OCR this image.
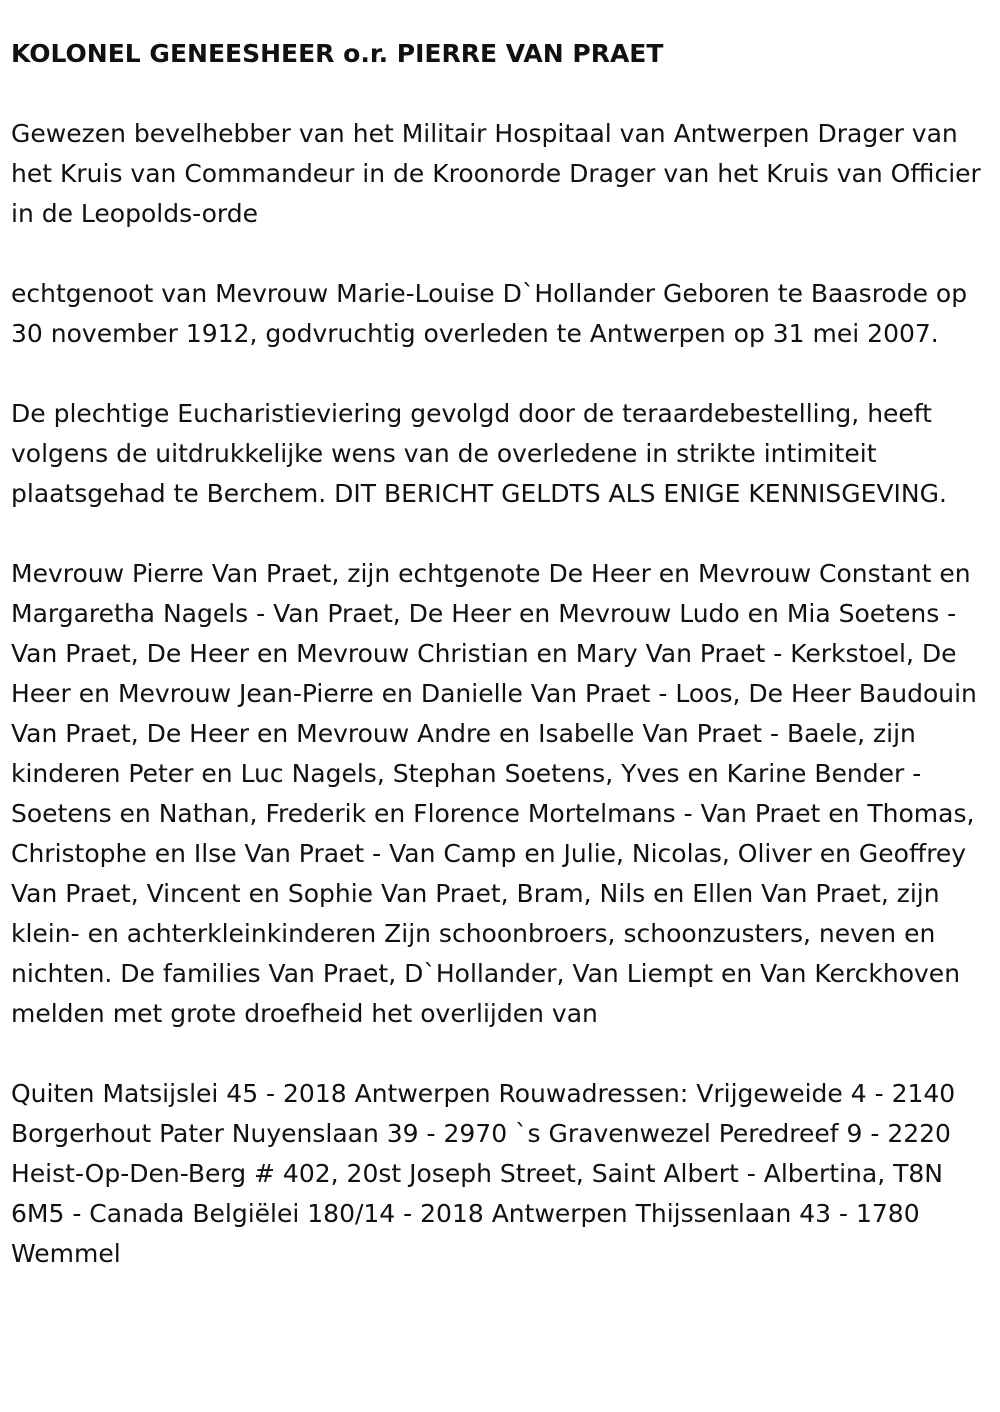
KOLONEL GENEESHEER o.r. PIERRE VAN PRAET

Gewezen bevelhebber van het Militair Hospitaal van Antwerpen Drager van het Kruis van Commandeur in de Kroonorde Drager van het Kruis van Officier in de Leopolds-orde

echtgenoot van Mevrouw Marie-Louise D`Hollander Geboren te Baasrode op 30 november 1912, godvruchtig overleden te Antwerpen op 31 mei 2007.

De plechtige Eucharistieviering gevolgd door de teraardebestelling, heeft volgens de uitdrukkelijke wens van de overledene in strikte intimiteit plaatsgehad te Berchem. DIT BERICHT GELDTS ALS ENIGE KENNISGEVING.

Mevrouw Pierre Van Praet, zijn echtgenote De Heer en Mevrouw Constant en Margaretha Nagels - Van Praet, De Heer en Mevrouw Ludo en Mia Soetens - Van Praet, De Heer en Mevrouw Christian en Mary Van Praet - Kerkstoel, De Heer en Mevrouw Jean-Pierre en Danielle Van Praet - Loos, De Heer Baudouin Van Praet, De Heer en Mevrouw Andre en Isabelle Van Praet - Baele, zijn kinderen Peter en Luc Nagels, Stephan Soetens, Yves en Karine Bender - Soetens en Nathan, Frederik en Florence Mortelmans - Van Praet en Thomas, Christophe en Ilse Van Praet - Van Camp en Julie, Nicolas, Oliver en Geoffrey Van Praet, Vincent en Sophie Van Praet, Bram, Nils en Ellen Van Praet, zijn klein- en achterkleinkinderen Zijn schoonbroers, schoonzusters, neven en nichten. De families Van Praet, D`Hollander, Van Liempt en Van Kerckhoven melden met grote droefheid het overlijden van

Quiten Matsijslei 45 - 2018 Antwerpen Rouwadressen: Vrijgeweide 4 - 2140 Borgerhout Pater Nuyenslaan 39 - 2970 `s Gravenwezel Peredreef 9 - 2220 Heist-Op-Den-Berg # 402, 20st Joseph Street, Saint Albert - Albertina, T8N 6M5 - Canada Belgiëlei 180/14 - 2018 Antwerpen Thijssenlaan 43 - 1780 Wemmel
